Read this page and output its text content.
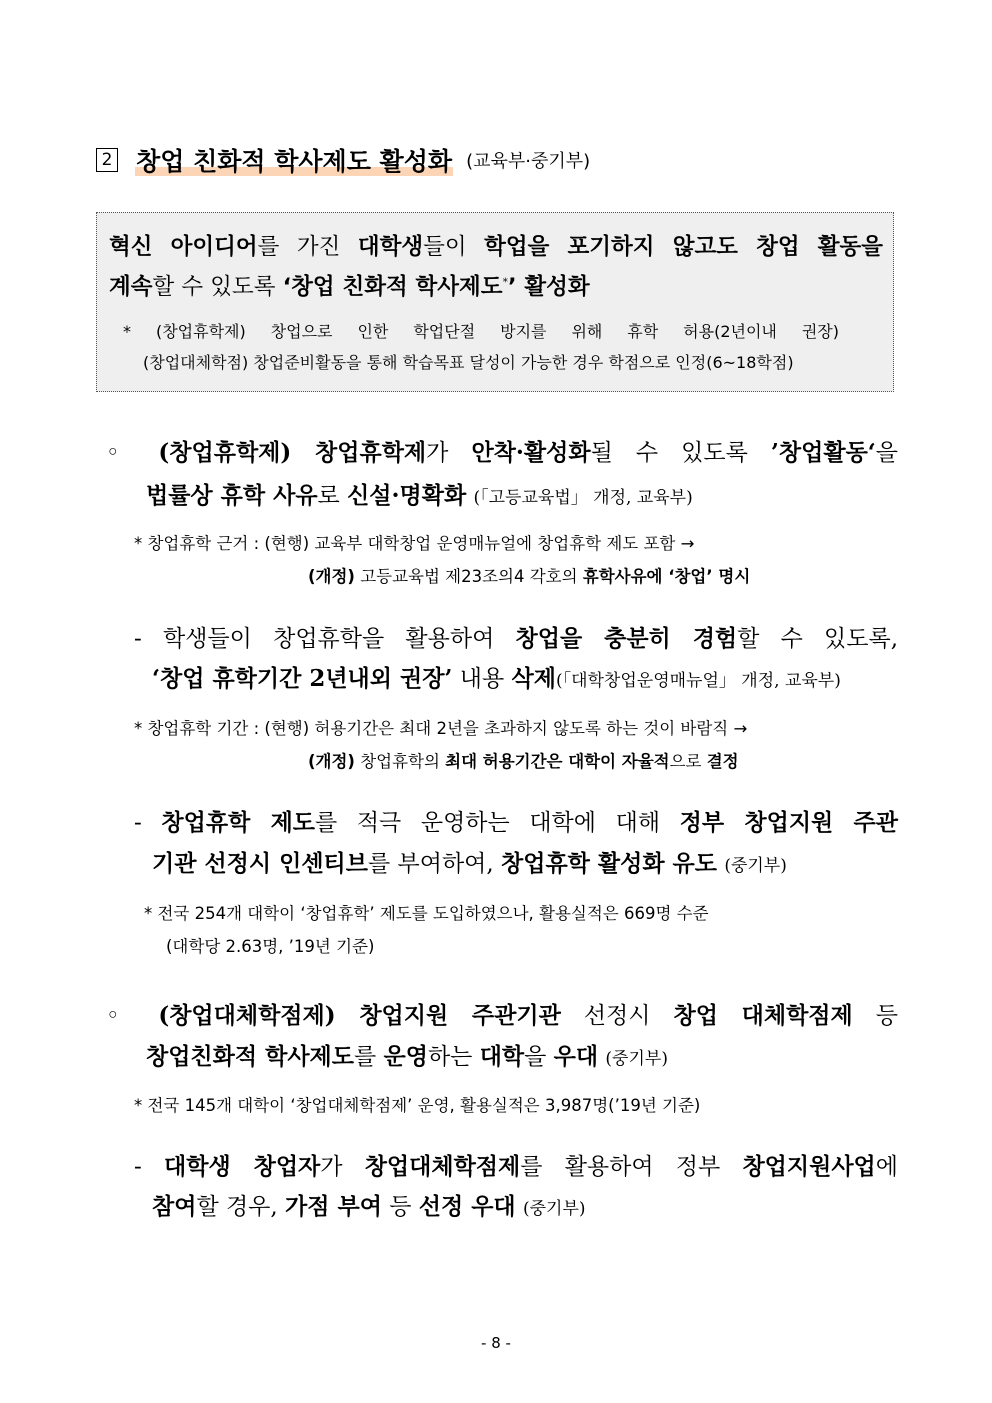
2 창업 친화적 학사제도 활성화 (교육부·중기부)
혁신 아이디어를 가진 대학생들이 학업을 포기하지 않고도 창업 활동을
계속할 수 있도록 ‘창업 친화적 학사제도*’ 활성화
* (창업휴학제) 창업으로 인한 학업단절 방지를 위해 휴학 허용(2년이내 권장)
(창업대체학점) 창업준비활동을 통해 학습목표 달성이 가능한 경우 학점으로 인정(6~18학점)
◦ (창업휴학제) 창업휴학제가 안착·활성화될 수 있도록 ’창업활동‘을
법률상 휴학 사유로 신설·명확화 (「고등교육법」 개정, 교육부)
* 창업휴학 근거 : (현행) 교육부 대학창업 운영매뉴얼에 창업휴학 제도 포함 →
(개정) 고등교육법 제23조의4 각호의 휴학사유에 ‘창업’ 명시
- 학생들이 창업휴학을 활용하여 창업을 충분히 경험할 수 있도록,
‘창업 휴학기간 2년내외 권장’ 내용 삭제(「대학창업운영매뉴얼」 개정, 교육부)
* 창업휴학 기간 : (현행) 허용기간은 최대 2년을 초과하지 않도록 하는 것이 바람직 →
(개정) 창업휴학의 최대 허용기간은 대학이 자율적으로 결정
- 창업휴학 제도를 적극 운영하는 대학에 대해 정부 창업지원 주관
기관 선정시 인센티브를 부여하여, 창업휴학 활성화 유도 (중기부)
* 전국 254개 대학이 ‘창업휴학’ 제도를 도입하였으나, 활용실적은 669명 수준
(대학당 2.63명, ’19년 기준)
◦ (창업대체학점제) 창업지원 주관기관 선정시 창업 대체학점제 등
창업친화적 학사제도를 운영하는 대학을 우대 (중기부)
* 전국 145개 대학이 ‘창업대체학점제’ 운영, 활용실적은 3,987명(’19년 기준)
- 대학생 창업자가 창업대체학점제를 활용하여 정부 창업지원사업에
참여할 경우, 가점 부여 등 선정 우대 (중기부)
- 8 -
